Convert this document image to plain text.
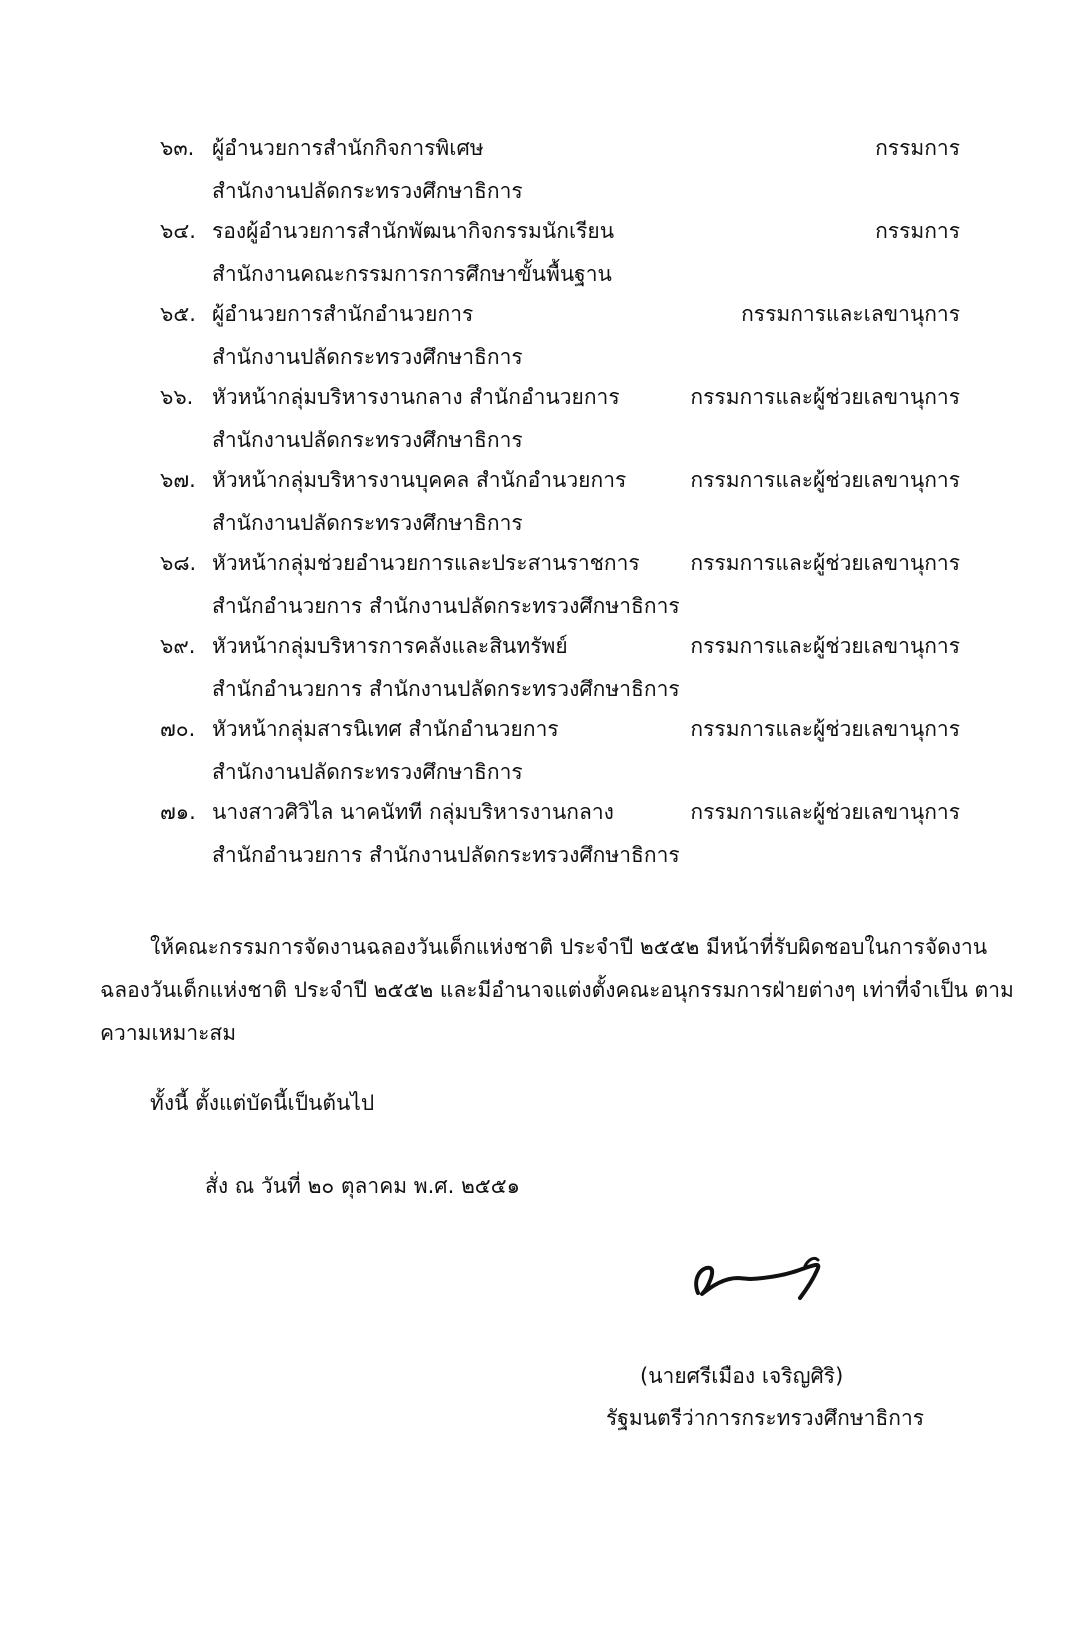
๖๓. ผู้อำนวยการสำนักกิจการพิเศษ
สำนักงานปลัดกระทรวงศึกษาธิการ
กรรมการ
๖๔. รองผู้อำนวยการสำนักพัฒนากิจกรรมนักเรียน
สำนักงานคณะกรรมการการศึกษาขั้นพื้นฐาน
กรรมการ
๖๕. ผู้อำนวยการสำนักอำนวยการ
สำนักงานปลัดกระทรวงศึกษาธิการ
กรรมการและเลขานุการ
๖๖. หัวหน้ากลุ่มบริหารงานกลาง สำนักอำนวยการ
สำนักงานปลัดกระทรวงศึกษาธิการ
กรรมการและผู้ช่วยเลขานุการ
๖๗. หัวหน้ากลุ่มบริหารงานบุคคล สำนักอำนวยการ
สำนักงานปลัดกระทรวงศึกษาธิการ
กรรมการและผู้ช่วยเลขานุการ
๖๘. หัวหน้ากลุ่มช่วยอำนวยการและประสานราชการ
สำนักอำนวยการ สำนักงานปลัดกระทรวงศึกษาธิการ
กรรมการและผู้ช่วยเลขานุการ
๖๙. หัวหน้ากลุ่มบริหารการคลังและสินทรัพย์
สำนักอำนวยการ สำนักงานปลัดกระทรวงศึกษาธิการ
กรรมการและผู้ช่วยเลขานุการ
๗๐. หัวหน้ากลุ่มสารนิเทศ สำนักอำนวยการ
สำนักงานปลัดกระทรวงศึกษาธิการ
กรรมการและผู้ช่วยเลขานุการ
๗๑. นางสาวศิวิไล นาคนัทที กลุ่มบริหารงานกลาง
สำนักอำนวยการ สำนักงานปลัดกระทรวงศึกษาธิการ
กรรมการและผู้ช่วยเลขานุการ
ให้คณะกรรมการจัดงานฉลองวันเด็กแห่งชาติ ประจำปี ๒๕๕๒ มีหน้าที่รับผิดชอบในการจัดงาน
ฉลองวันเด็กแห่งชาติ ประจำปี ๒๕๕๒ และมีอำนาจแต่งตั้งคณะอนุกรรมการฝ่ายต่างๆ เท่าที่จำเป็น ตาม
ความเหมาะสม
ทั้งนี้ ตั้งแต่บัดนี้เป็นต้นไป
สั่ง ณ วันที่ ๒๐ ตุลาคม พ.ศ. ๒๕๕๑
(นายศรีเมือง เจริญศิริ)
รัฐมนตรีว่าการกระทรวงศึกษาธิการ
